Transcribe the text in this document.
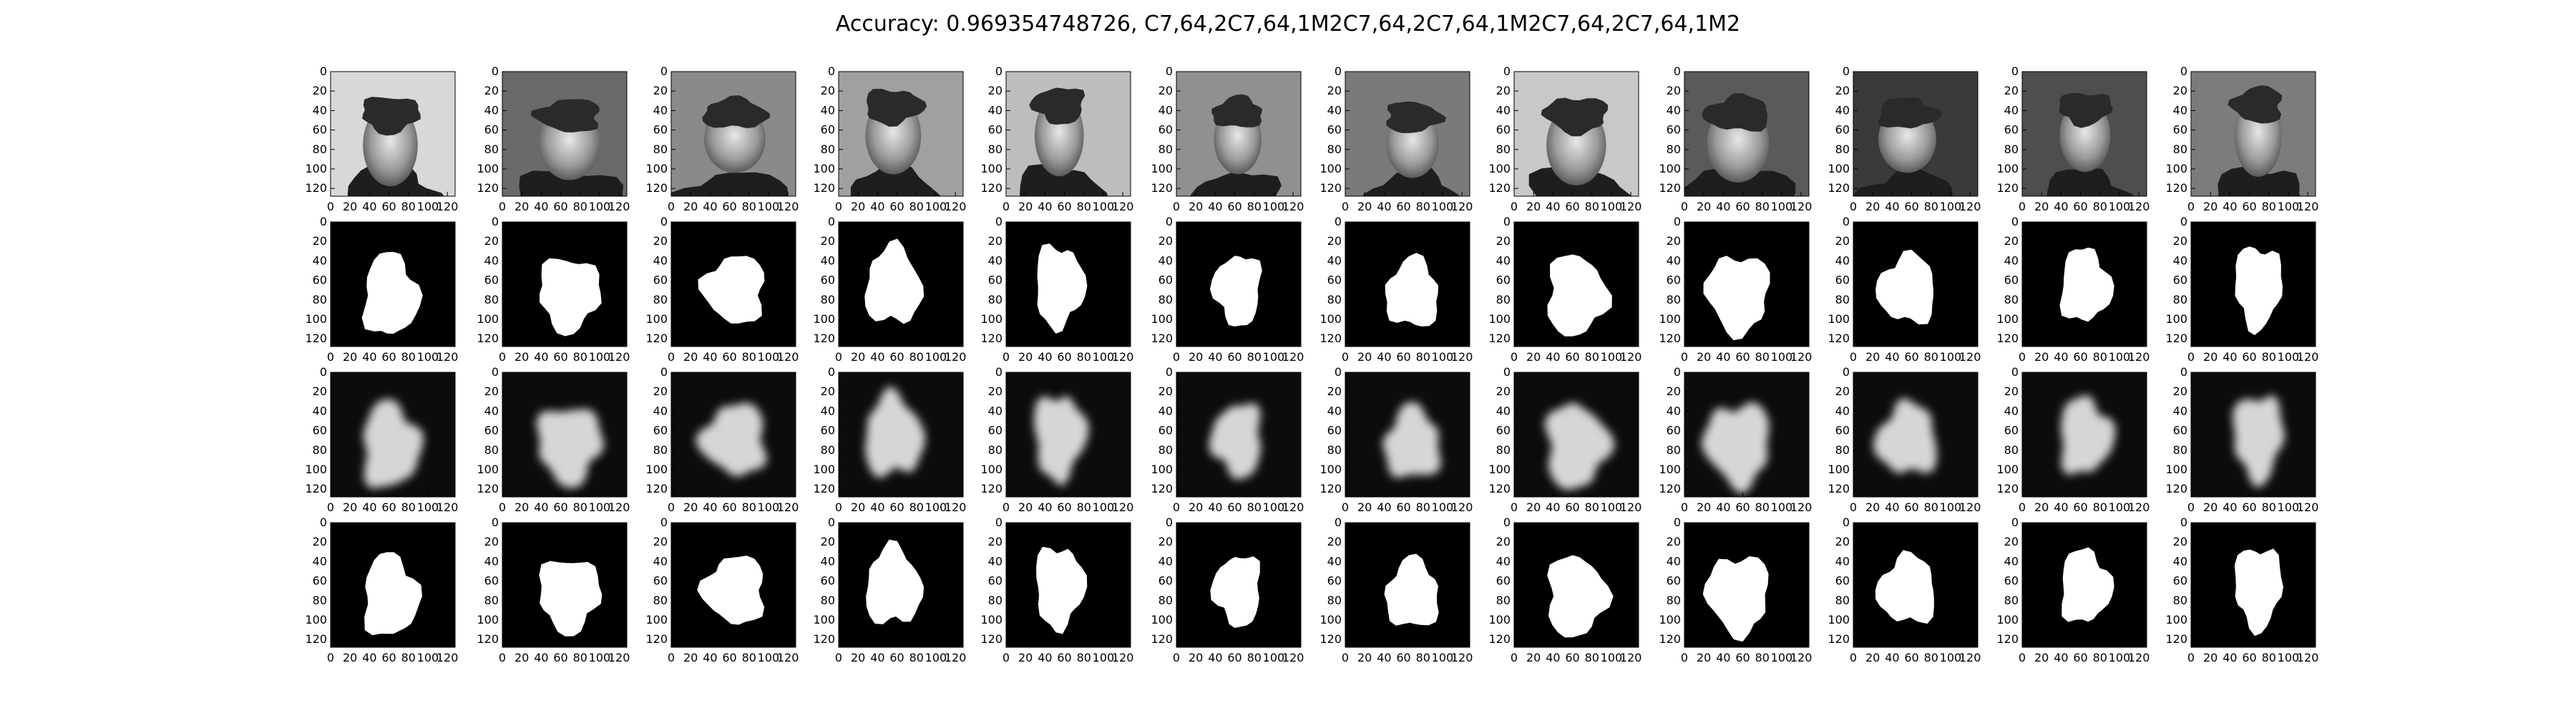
Accuracy: 0.969354748726, C7,64,2C7,64,1M2C7,64,2C7,64,1M2C7,64,2C7,64,1M2
0 20 40 60 80 100
120
0
20
40
60
80
100
120
0 20 40 60 80 100
120
0
20
40
60
80
100
120
0 20 40 60 80 100
120
0
20
40
60
80
100
120
0 20 40 60 80 100
120
0
20
40
60
80
100
120
0 20 40 60 80 100
120
0
20
40
60
80
100
120
0 20 40 60 80 100
120
0
20
40
60
80
100
120
0 20 40 60 80 100
120
0
20
40
60
80
100
120
0 20 40 60 80 100
120
0
20
40
60
80
100
120
0 20 40 60 80 100
120
0
20
40
60
80
100
120
0 20 40 60 80 100
120
0
20
40
60
80
100
120
0 20 40 60 80 100
120
0
20
40
60
80
100
120
0 20 40 60 80 100
120
0
20
40
60
80
100
120
0 20 40 60 80 100
120
0
20
40
60
80
100
120
0 20 40 60 80 100
120
0
20
40
60
80
100
120
0 20 40 60 80 100
120
0
20
40
60
80
100
120
0 20 40 60 80 100
120
0
20
40
60
80
100
120
0 20 40 60 80 100
120
0
20
40
60
80
100
120
0 20 40 60 80 100
120
0
20
40
60
80
100
120
0 20 40 60 80 100
120
0
20
40
60
80
100
120
0 20 40 60 80 100
120
0
20
40
60
80
100
120
0 20 40 60 80 100
120
0
20
40
60
80
100
120
0 20 40 60 80 100
120
0
20
40
60
80
100
120
0 20 40 60 80 100
120
0
20
40
60
80
100
120
0 20 40 60 80 100
120
0
20
40
60
80
100
120
0 20 40 60 80 100
120
0
20
40
60
80
100
120
0 20 40 60 80 100
120
0
20
40
60
80
100
120
0 20 40 60 80 100
120
0
20
40
60
80
100
120
0 20 40 60 80 100
120
0
20
40
60
80
100
120
0 20 40 60 80 100
120
0
20
40
60
80
100
120
0 20 40 60 80 100
120
0
20
40
60
80
100
120
0 20 40 60 80 100
120
0
20
40
60
80
100
120
0 20 40 60 80 100
120
0
20
40
60
80
100
120
0 20 40 60 80 100
120
0
20
40
60
80
100
120
0 20 40 60 80 100
120
0
20
40
60
80
100
120
0 20 40 60 80 100
120
0
20
40
60
80
100
120
0 20 40 60 80 100
120
0
20
40
60
80
100
120
0 20 40 60 80 100
120
0
20
40
60
80
100
120
0 20 40 60 80 100
120
0
20
40
60
80
100
120
0 20 40 60 80 100
120
0
20
40
60
80
100
120
0 20 40 60 80 100
120
0
20
40
60
80
100
120
0 20 40 60 80 100
120
0
20
40
60
80
100
120
0 20 40 60 80 100
120
0
20
40
60
80
100
120
0 20 40 60 80 100
120
0
20
40
60
80
100
120
0 20 40 60 80 100
120
0
20
40
60
80
100
120
0 20 40 60 80 100
120
0
20
40
60
80
100
120
0 20 40 60 80 100
120
0
20
40
60
80
100
120
0 20 40 60 80 100
120
0
20
40
60
80
100
120
0 20 40 60 80 100
120
0
20
40
60
80
100
120
